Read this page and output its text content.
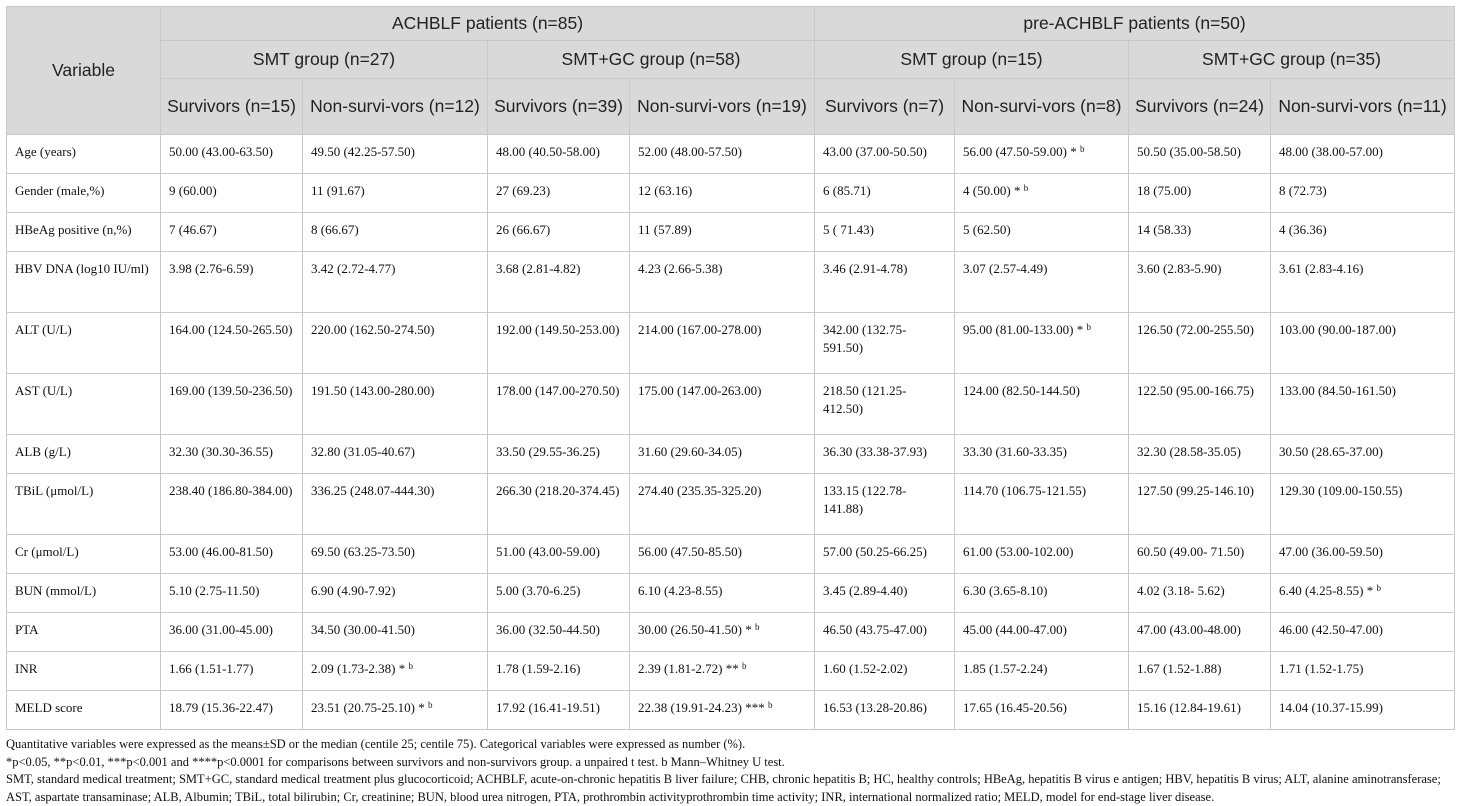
Variable	ACHBLF patients (n=85)				pre-ACHBLF patients (n=50)			
	SMT group (n=27)		SMT+GC group (n=58)		SMT group (n=15)		SMT+GC group (n=35)	
	Survivors (n=15)	Non-survi-vors (n=12)	Survivors (n=39)	Non-survi-vors (n=19)	Survivors (n=7)	Non-survi-vors (n=8)	Survivors (n=24)	Non-survi-vors (n=11)
Age (years)	50.00 (43.00-63.50)	49.50 (42.25-57.50)	48.00 (40.50-58.00)	52.00 (48.00-57.50)	43.00 (37.00-50.50)	56.00 (47.50-59.00) * $^b$	50.50 (35.00-58.50)	48.00 (38.00-57.00)
Gender (male,%)	9 (60.00)	11 (91.67)	27 (69.23)	12 (63.16)	6 (85.71)	4 (50.00) * $^b$	18 (75.00)	8 (72.73)
HBeAg positive (n,%)	7 (46.67)	8 (66.67)	26 (66.67)	11 (57.89)	5 ( 71.43)	5 (62.50)	14 (58.33)	4 (36.36)
HBV DNA (log10 IU/ml)	3.98 (2.76-6.59)	3.42 (2.72-4.77)	3.68 (2.81-4.82)	4.23 (2.66-5.38)	3.46 (2.91-4.78)	3.07 (2.57-4.49)	3.60 (2.83-5.90)	3.61 (2.83-4.16)
ALT (U/L)	164.00 (124.50-265.50)	220.00 (162.50-274.50)	192.00 (149.50-253.00)	214.00 (167.00-278.00)	342.00 (132.75-591.50)	95.00 (81.00-133.00) * $^b$	126.50 (72.00-255.50)	103.00 (90.00-187.00)
AST (U/L)	169.00 (139.50-236.50)	191.50 (143.00-280.00)	178.00 (147.00-270.50)	175.00 (147.00-263.00)	218.50 (121.25-412.50)	124.00 (82.50-144.50)	122.50 (95.00-166.75)	133.00 (84.50-161.50)
ALB (g/L)	32.30 (30.30-36.55)	32.80 (31.05-40.67)	33.50 (29.55-36.25)	31.60 (29.60-34.05)	36.30 (33.38-37.93)	33.30 (31.60-33.35)	32.30 (28.58-35.05)	30.50 (28.65-37.00)
TBiL (μmol/L)	238.40 (186.80-384.00)	336.25 (248.07-444.30)	266.30 (218.20-374.45)	274.40 (235.35-325.20)	133.15 (122.78-141.88)	114.70 (106.75-121.55)	127.50 (99.25-146.10)	129.30 (109.00-150.55)
Cr (μmol/L)	53.00 (46.00-81.50)	69.50 (63.25-73.50)	51.00 (43.00-59.00)	56.00 (47.50-85.50)	57.00 (50.25-66.25)	61.00 (53.00-102.00)	60.50 (49.00- 71.50)	47.00 (36.00-59.50)
BUN (mmol/L)	5.10 (2.75-11.50)	6.90 (4.90-7.92)	5.00 (3.70-6.25)	6.10 (4.23-8.55)	3.45 (2.89-4.40)	6.30 (3.65-8.10)	4.02 (3.18- 5.62)	6.40 (4.25-8.55) * $^b$
PTA	36.00 (31.00-45.00)	34.50 (30.00-41.50)	36.00 (32.50-44.50)	30.00 (26.50-41.50) * $^b$	46.50 (43.75-47.00)	45.00 (44.00-47.00)	47.00 (43.00-48.00)	46.00 (42.50-47.00)
INR	1.66 (1.51-1.77)	2.09 (1.73-2.38) * $^b$	1.78 (1.59-2.16)	2.39 (1.81-2.72) ** $^b$	1.60 (1.52-2.02)	1.85 (1.57-2.24)	1.67 (1.52-1.88)	1.71 (1.52-1.75)
MELD score	18.79 (15.36-22.47)	23.51 (20.75-25.10) * $^b$	17.92 (16.41-19.51)	22.38 (19.91-24.23) *** $^b$	16.53 (13.28-20.86)	17.65 (16.45-20.56)	15.16 (12.84-19.61)	14.04 (10.37-15.99)
Quantitative variables were expressed as the means±SD or the median (centile 25; centile 75). Categorical variables were expressed as number (%).
*p<0.05, **p<0.01, ***p<0.001 and ****p<0.0001 for comparisons between survivors and non-survivors group. a unpaired t test. b Mann–Whitney U test.
SMT, standard medical treatment; SMT+GC, standard medical treatment plus glucocorticoid; ACHBLF, acute-on-chronic hepatitis B liver failure; CHB, chronic hepatitis B; HC, healthy controls; HBeAg, hepatitis B virus e antigen; HBV, hepatitis B virus; ALT, alanine aminotransferase; AST, aspartate transaminase; ALB, Albumin; TBiL, total bilirubin; Cr, creatinine; BUN, blood urea nitrogen, PTA, prothrombin activityprothrombin time activity; INR, international normalized ratio; MELD, model for end-stage liver disease.
